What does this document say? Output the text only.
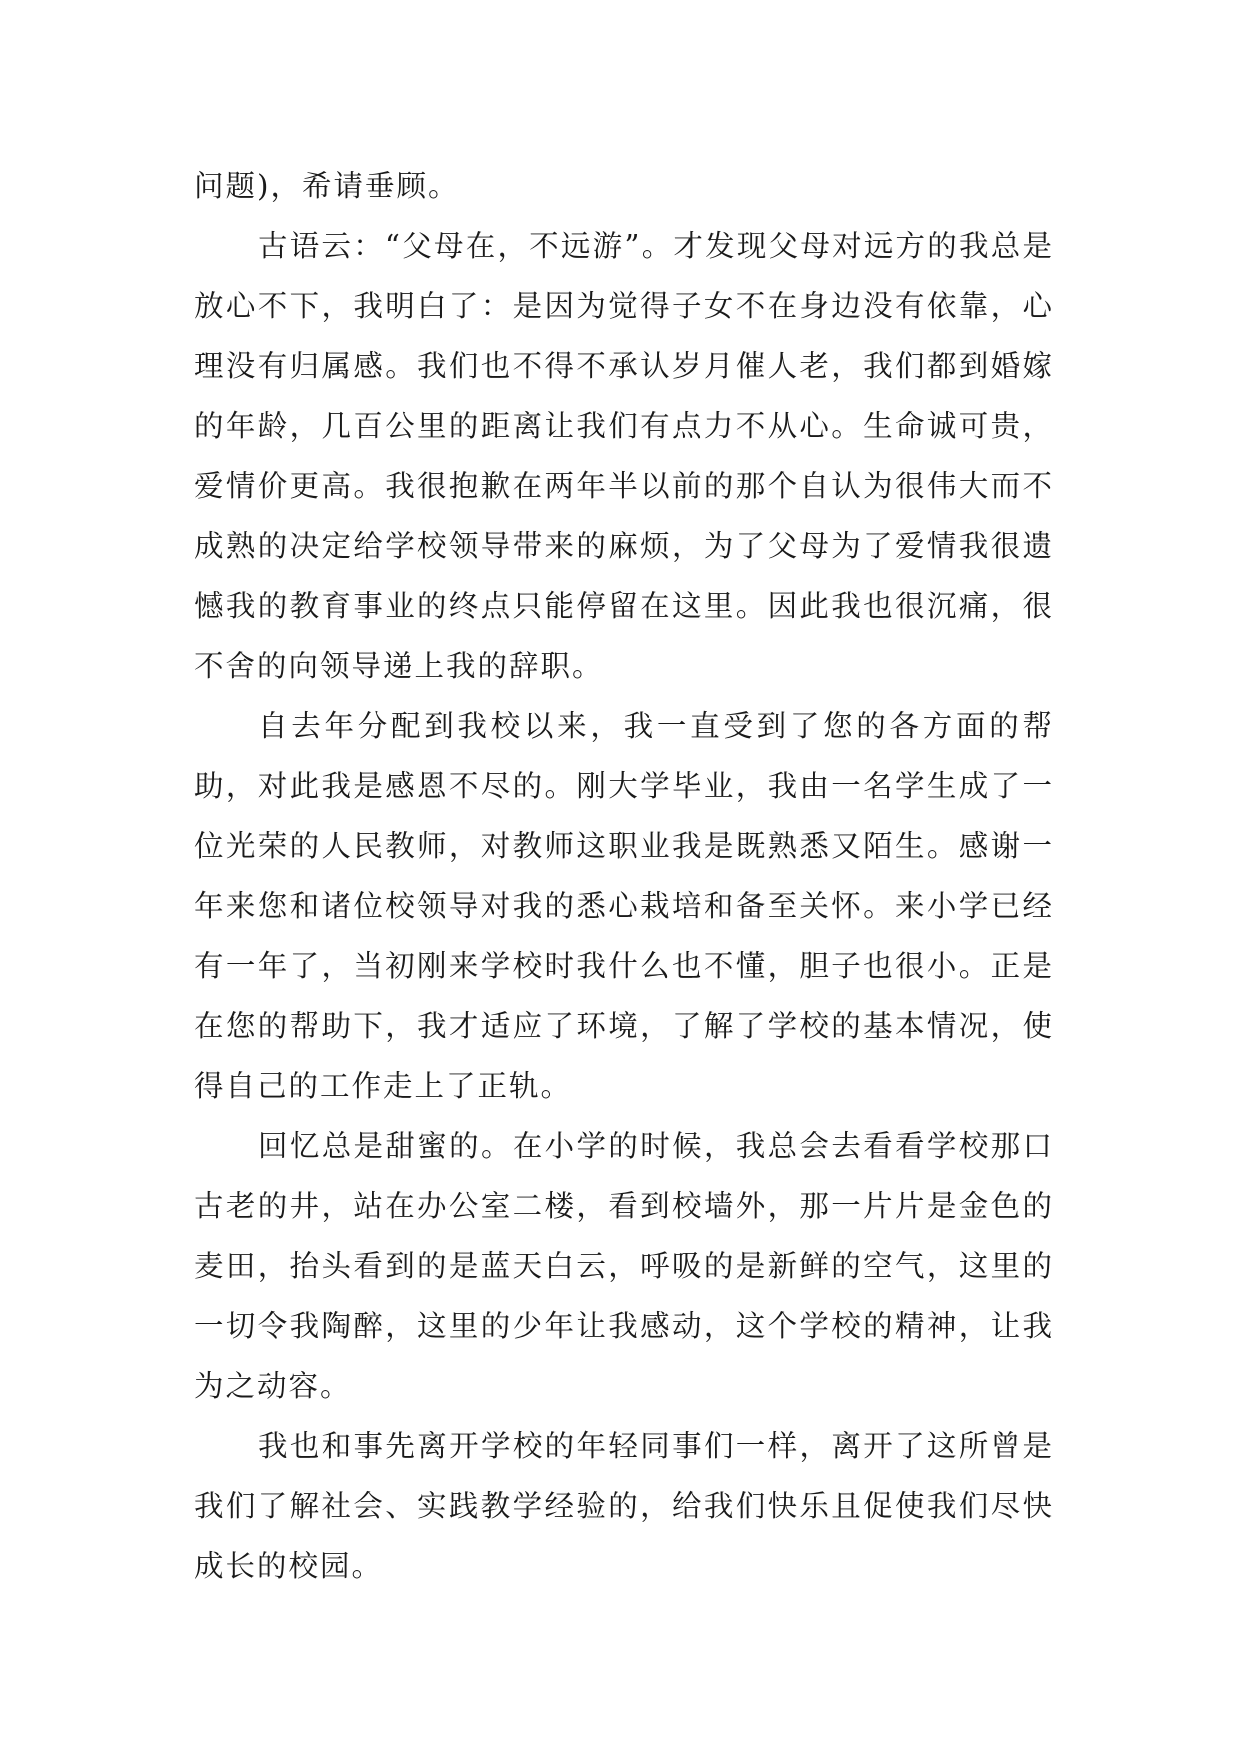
问题)，希请垂顾。

古语云：“父母在，不远游”。才发现父母对远方的我总是放心不下，我明白了：是因为觉得子女不在身边没有依靠，心理没有归属感。我们也不得不承认岁月催人老，我们都到婚嫁的年龄，几百公里的距离让我们有点力不从心。生命诚可贵，爱情价更高。我很抱歉在两年半以前的那个自认为很伟大而不成熟的决定给学校领导带来的麻烦，为了父母为了爱情我很遗憾我的教育事业的终点只能停留在这里。因此我也很沉痛，很不舍的向领导递上我的辞职。

自去年分配到我校以来，我一直受到了您的各方面的帮助，对此我是感恩不尽的。刚大学毕业，我由一名学生成了一位光荣的人民教师，对教师这职业我是既熟悉又陌生。感谢一年来您和诸位校领导对我的悉心栽培和备至关怀。来小学已经有一年了，当初刚来学校时我什么也不懂，胆子也很小。正是在您的帮助下，我才适应了环境，了解了学校的基本情况，使得自己的工作走上了正轨。

回忆总是甜蜜的。在小学的时候，我总会去看看学校那口古老的井，站在办公室二楼，看到校墙外，那一片片是金色的麦田，抬头看到的是蓝天白云，呼吸的是新鲜的空气，这里的一切令我陶醉，这里的少年让我感动，这个学校的精神，让我为之动容。

我也和事先离开学校的年轻同事们一样，离开了这所曾是我们了解社会、实践教学经验的，给我们快乐且促使我们尽快成长的校园。
